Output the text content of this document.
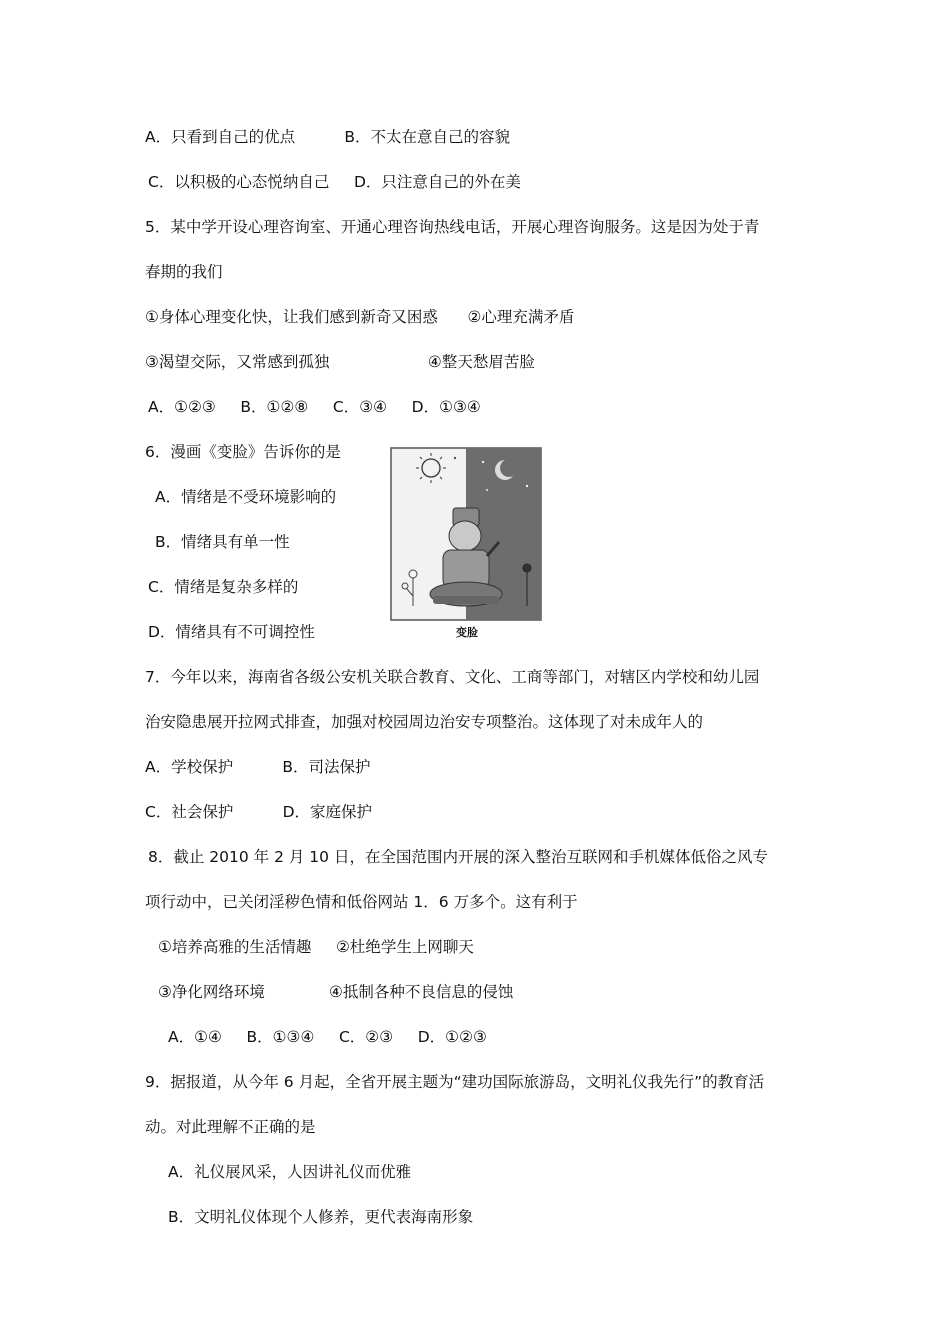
A．只看到自己的优点          B．不太在意自己的容貌
C．以积极的心态悦纳自己     D．只注意自己的外在美
5．某中学开设心理咨询室、开通心理咨询热线电话，开展心理咨询服务。这是因为处于青
春期的我们
①身体心理变化快，让我们感到新奇又困惑      ②心理充满矛盾
③渴望交际，又常感到孤独                    ④整天愁眉苦脸
A．①②③     B．①②⑧     C．③④     D．①③④
6．漫画《变脸》告诉你的是
A．情绪是不受环境影响的
B．情绪具有单一性
C．情绪是复杂多样的
D．情绪具有不可调控性	变脸
7．今年以来，海南省各级公安机关联合教育、文化、工商等部门，对辖区内学校和幼儿园
治安隐患展开拉网式排查，加强对校园周边治安专项整治。这体现了对未成年人的
A．学校保护          B．司法保护
C．社会保护          D．家庭保护
8．截止 2010 年 2 月 10 日，在全国范围内开展的深入整治互联网和手机媒体低俗之风专
项行动中，已关闭淫秽色情和低俗网站 1．6 万多个。这有利于
①培养高雅的生活情趣     ②杜绝学生上网聊天
③净化网络环境             ④抵制各种不良信息的侵蚀
A．①④     B．①③④     C．②③     D．①②③
9．据报道，从今年 6 月起，全省开展主题为“建功国际旅游岛，文明礼仪我先行”的教育活
动。对此理解不正确的是
A．礼仪展风采，人因讲礼仪而优雅
B．文明礼仪体现个人修养，更代表海南形象
